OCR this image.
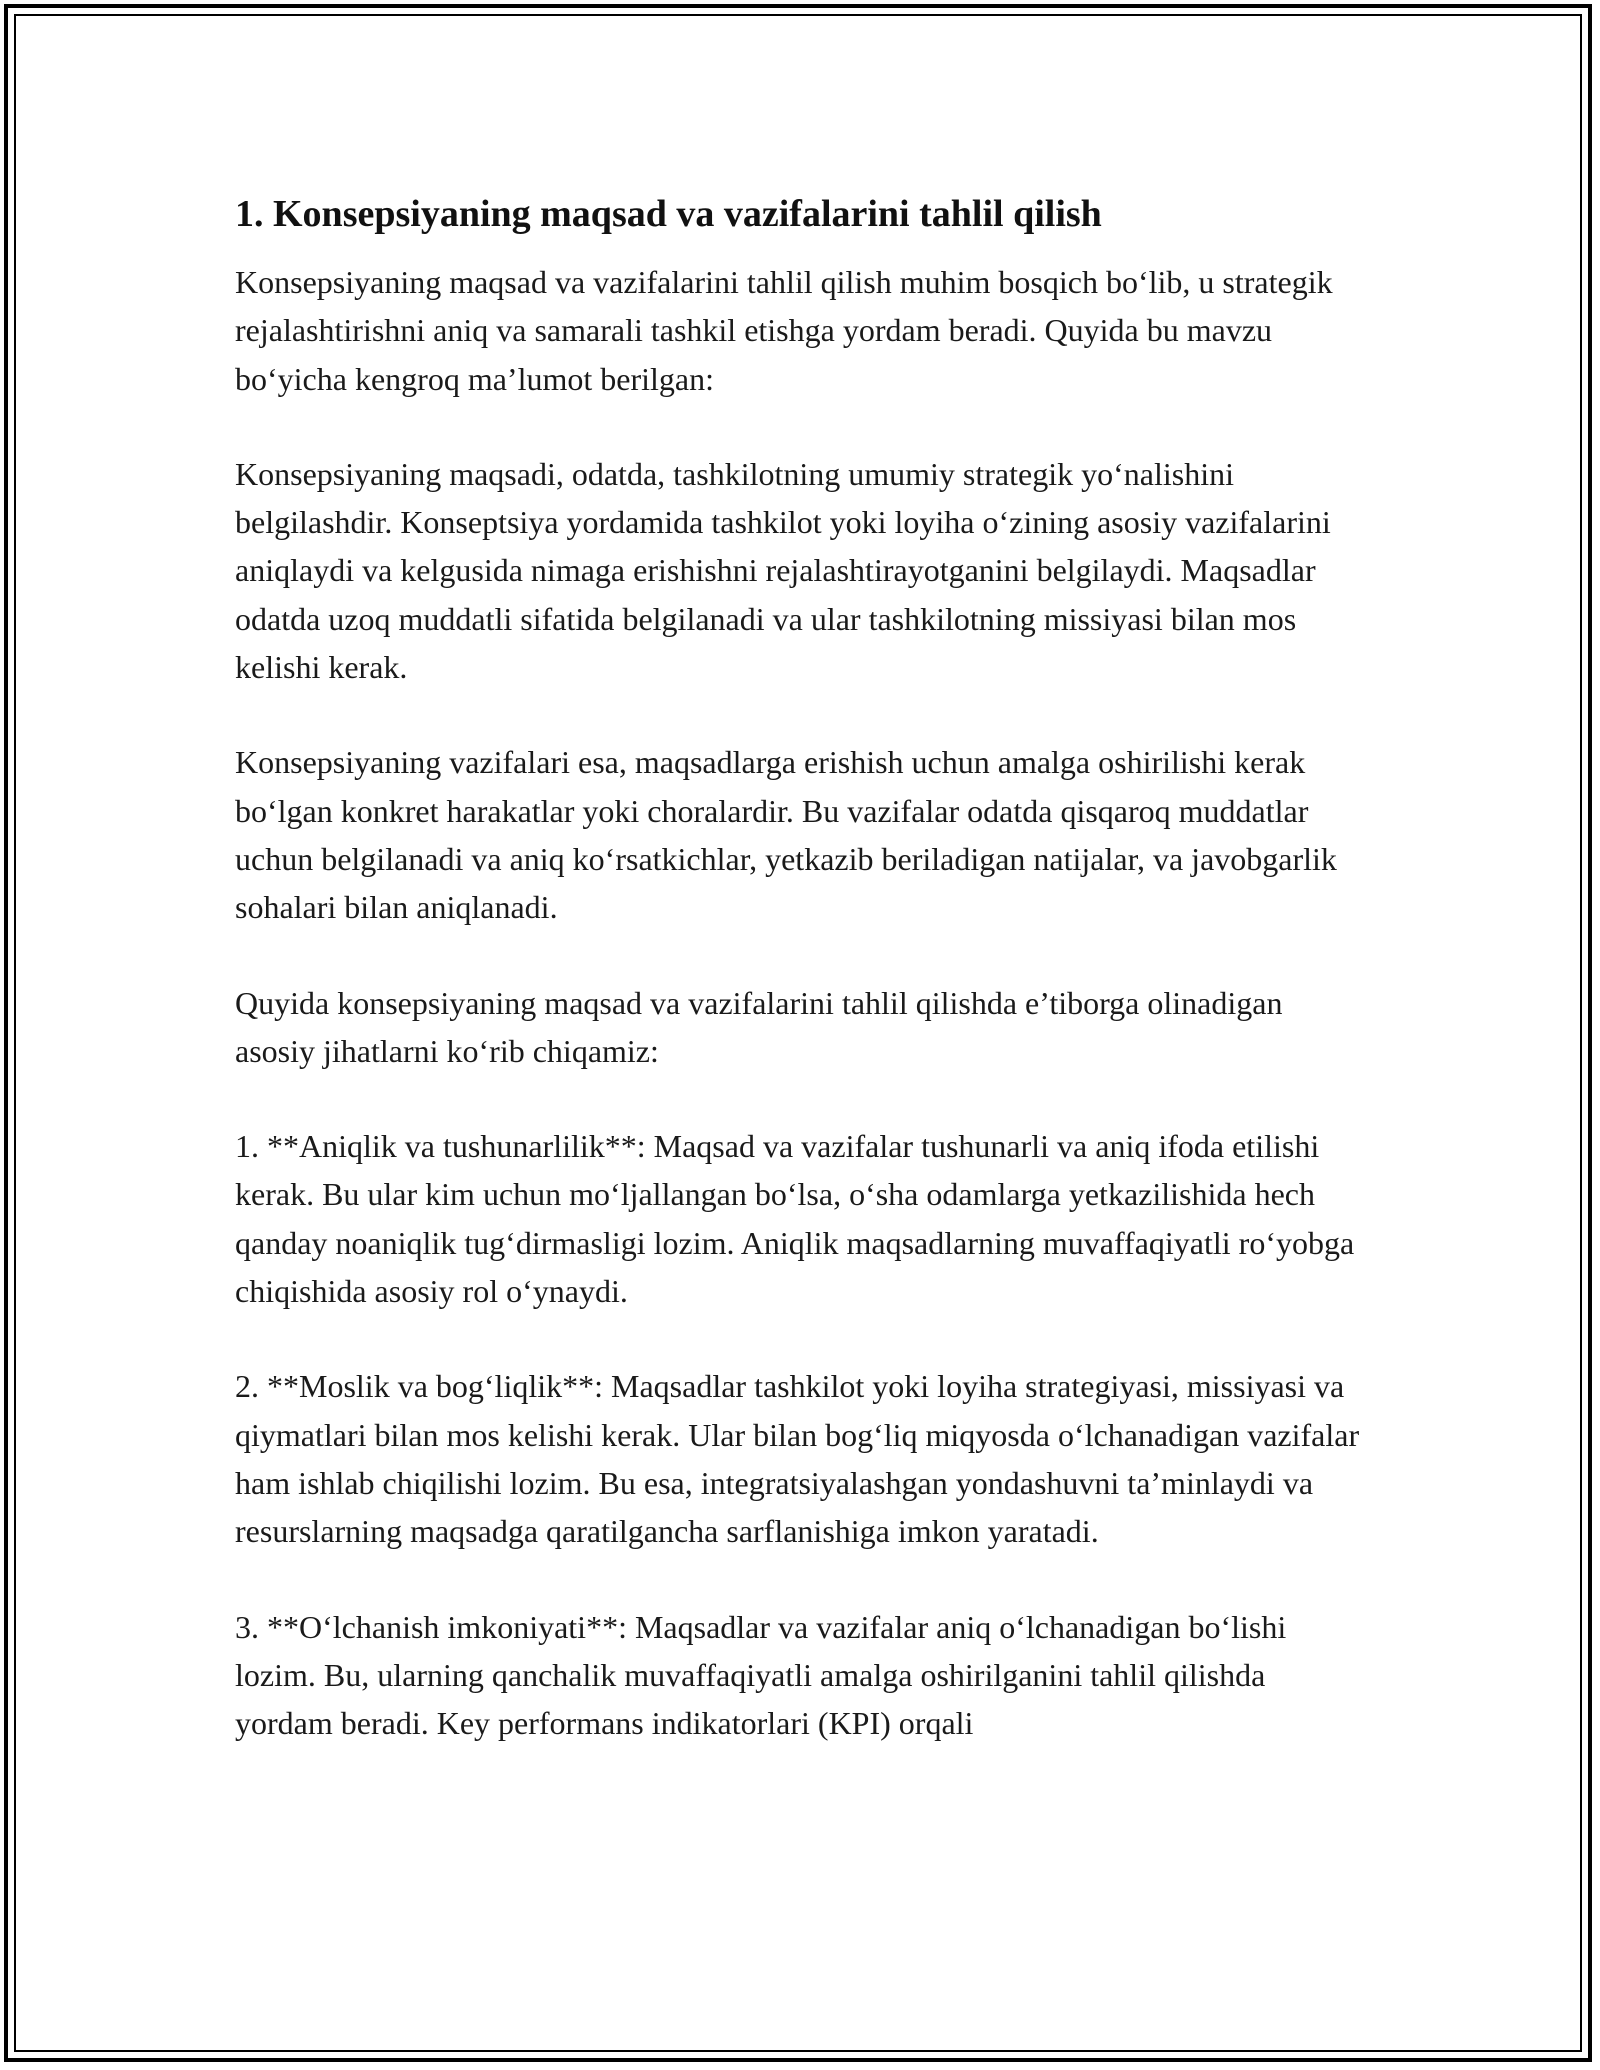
1. Konsepsiyaning maqsad va vazifalarini tahlil qilish

Konsepsiyaning maqsad va vazifalarini tahlil qilish muhim bosqich bo‘lib, u strategik rejalashtirishni aniq va samarali tashkil etishga yordam beradi. Quyida bu mavzu bo‘yicha kengroq ma’lumot berilgan:

Konsepsiyaning maqsadi, odatda, tashkilotning umumiy strategik yo‘nalishini belgilashdir. Konseptsiya yordamida tashkilot yoki loyiha o‘zining asosiy vazifalarini aniqlaydi va kelgusida nimaga erishishni rejalashtirayotganini belgilaydi. Maqsadlar odatda uzoq muddatli sifatida belgilanadi va ular tashkilotning missiyasi bilan mos kelishi kerak.

Konsepsiyaning vazifalari esa, maqsadlarga erishish uchun amalga oshirilishi kerak bo‘lgan konkret harakatlar yoki choralardir. Bu vazifalar odatda qisqaroq muddatlar uchun belgilanadi va aniq ko‘rsatkichlar, yetkazib beriladigan natijalar, va javobgarlik sohalari bilan aniqlanadi.

Quyida konsepsiyaning maqsad va vazifalarini tahlil qilishda e’tiborga olinadigan asosiy jihatlarni ko‘rib chiqamiz:

1. **Aniqlik va tushunarlilik**: Maqsad va vazifalar tushunarli va aniq ifoda etilishi kerak. Bu ular kim uchun mo‘ljallangan bo‘lsa, o‘sha odamlarga yetkazilishida hech qanday noaniqlik tug‘dirmasligi lozim. Aniqlik maqsadlarning muvaffaqiyatli ro‘yobga chiqishida asosiy rol o‘ynaydi.

2. **Moslik va bog‘liqlik**: Maqsadlar tashkilot yoki loyiha strategiyasi, missiyasi va qiymatlari bilan mos kelishi kerak. Ular bilan bog‘liq miqyosda o‘lchanadigan vazifalar ham ishlab chiqilishi lozim. Bu esa, integratsiyalashgan yondashuvni ta’minlaydi va resurslarning maqsadga qaratilgancha sarflanishiga imkon yaratadi.

3. **O‘lchanish imkoniyati**: Maqsadlar va vazifalar aniq o‘lchanadigan bo‘lishi lozim. Bu, ularning qanchalik muvaffaqiyatli amalga oshirilganini tahlil qilishda yordam beradi. Key performans indikatorlari (KPI) orqali
